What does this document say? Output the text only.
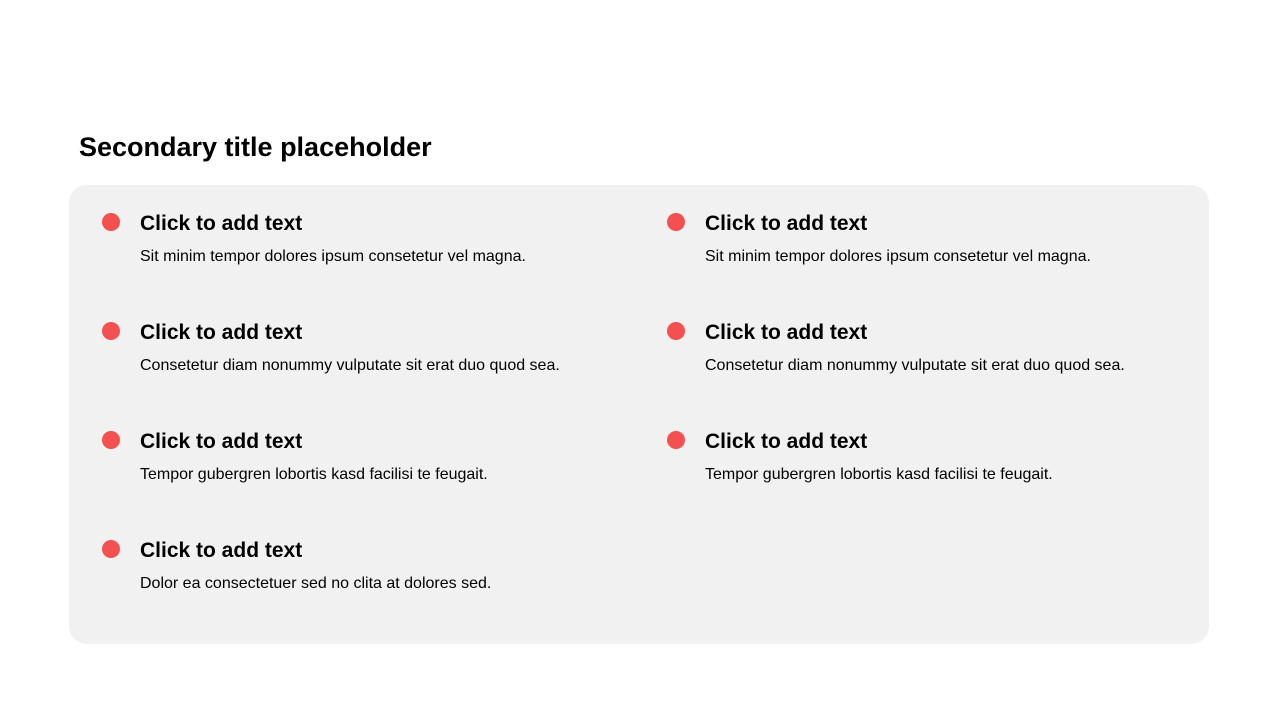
Secondary title placeholder
Click to add text
Sit minim tempor dolores ipsum consetetur vel magna.
Click to add text
Consetetur diam nonummy vulputate sit erat duo quod sea.
Click to add text
Tempor gubergren lobortis kasd facilisi te feugait.
Click to add text
Dolor ea consectetuer sed no clita at dolores sed.
Click to add text
Sit minim tempor dolores ipsum consetetur vel magna.
Click to add text
Consetetur diam nonummy vulputate sit erat duo quod sea.
Click to add text
Tempor gubergren lobortis kasd facilisi te feugait.
